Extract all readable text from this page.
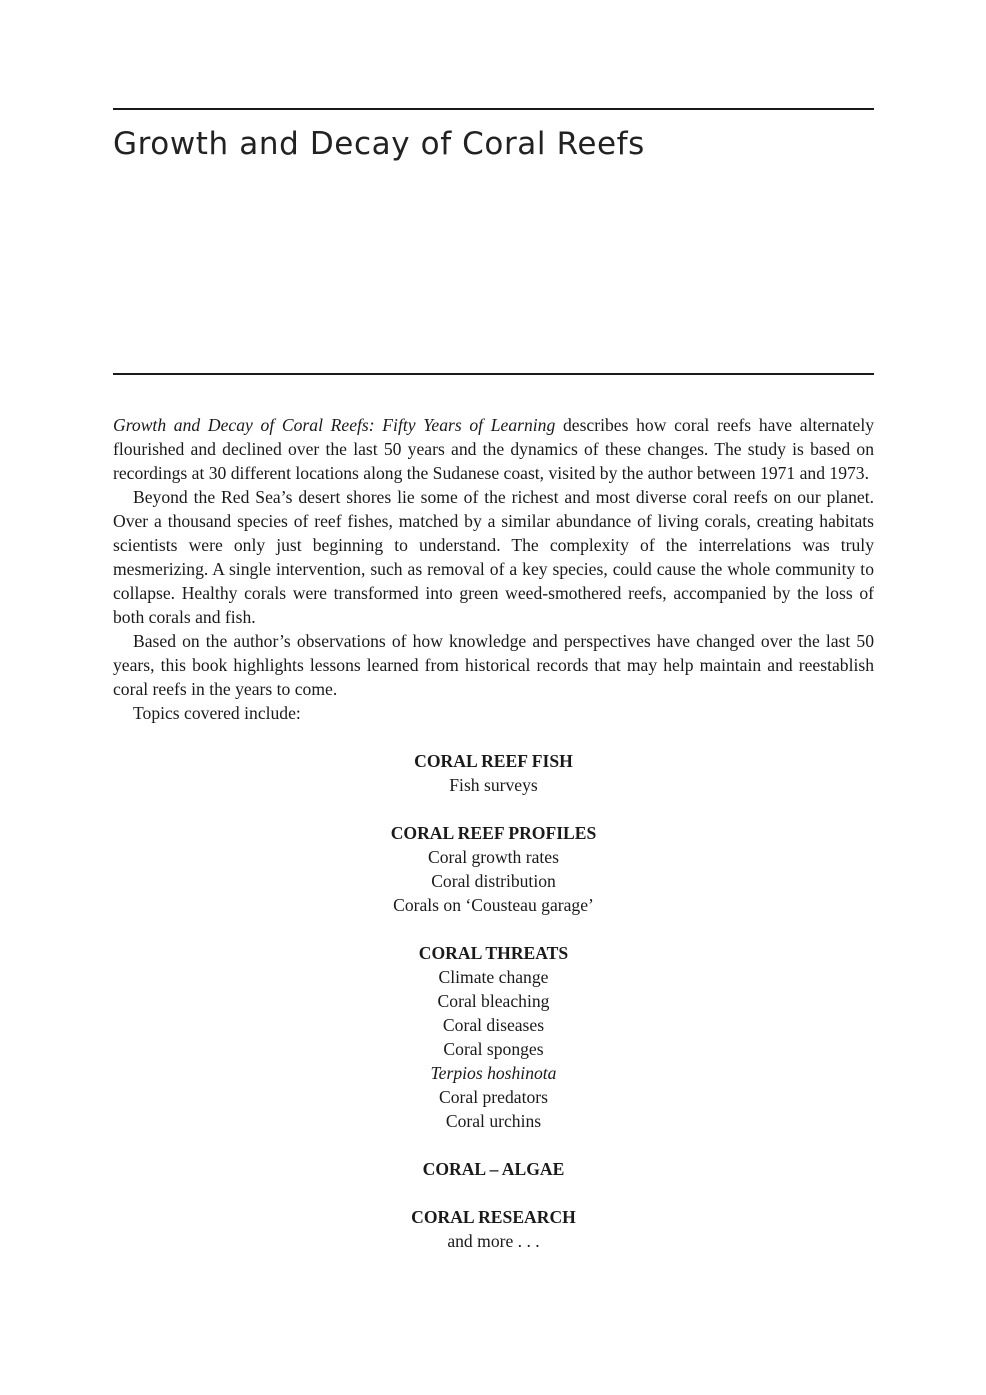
Growth and Decay of Coral Reefs

Growth and Decay of Coral Reefs: Fifty Years of Learning describes how coral reefs have alternately flourished and declined over the last 50 years and the dynamics of these changes. The study is based on recordings at 30 different locations along the Sudanese coast, visited by the author between 1971 and 1973.

Beyond the Red Sea’s desert shores lie some of the richest and most diverse coral reefs on our planet. Over a thousand species of reef fishes, matched by a similar abundance of living corals, creating habitats scientists were only just beginning to understand. The complexity of the interrelations was truly mesmerizing. A single intervention, such as removal of a key species, could cause the whole community to collapse. Healthy corals were transformed into green weed-smothered reefs, accompanied by the loss of both corals and fish.

Based on the author’s observations of how knowledge and perspectives have changed over the last 50 years, this book highlights lessons learned from historical records that may help maintain and reestablish coral reefs in the years to come.

Topics covered include:

CORAL REEF FISH
Fish surveys
CORAL REEF PROFILES
Coral growth rates
Coral distribution
Corals on ‘Cousteau garage’
CORAL THREATS
Climate change
Coral bleaching
Coral diseases
Coral sponges
Terpios hoshinota
Coral predators
Coral urchins
CORAL – ALGAE
CORAL RESEARCH
and more . . .
